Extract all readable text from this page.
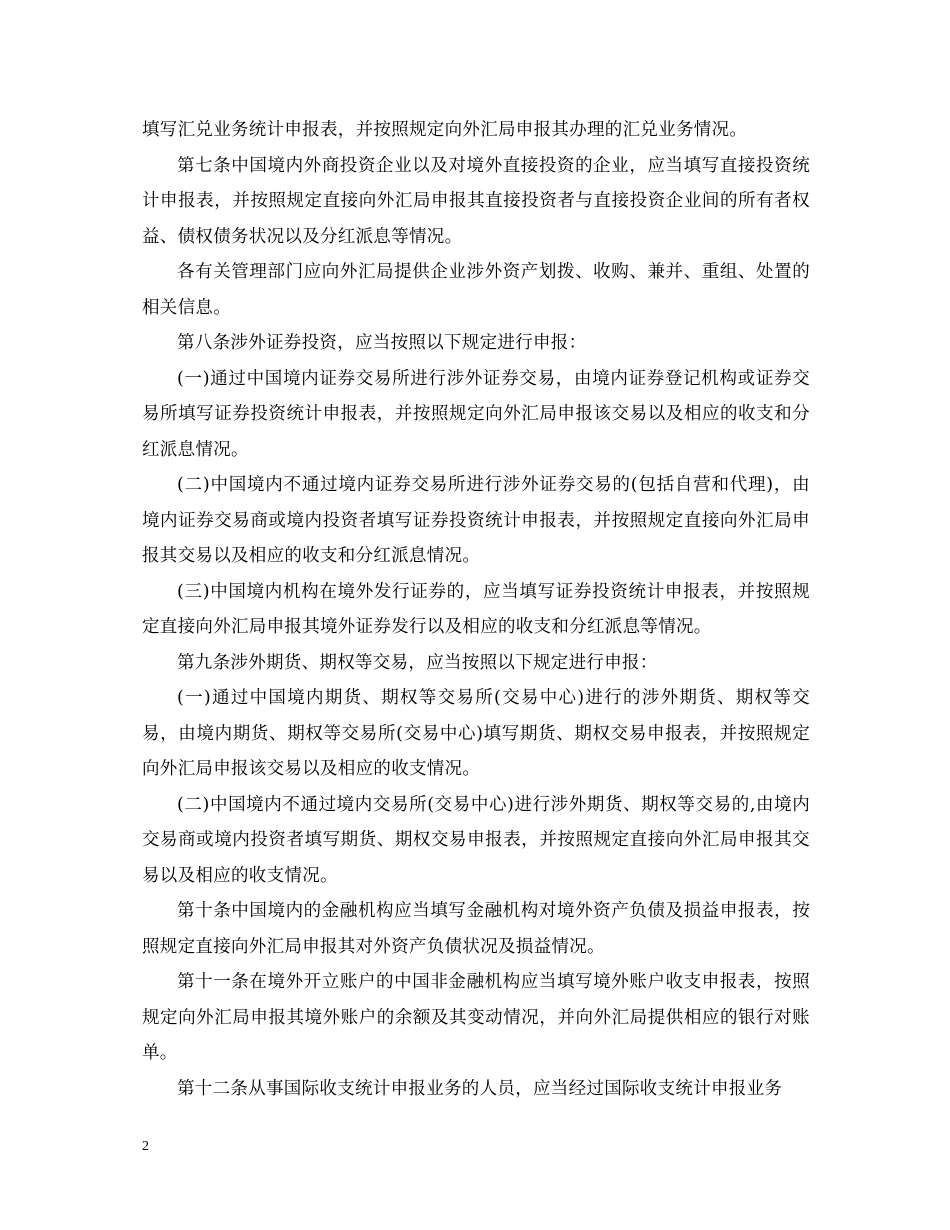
填写汇兑业务统计申报表，并按照规定向外汇局申报其办理的汇兑业务情况。

第七条中国境内外商投资企业以及对境外直接投资的企业，应当填写直接投资统计申报表，并按照规定直接向外汇局申报其直接投资者与直接投资企业间的所有者权益、债权债务状况以及分红派息等情况。

各有关管理部门应向外汇局提供企业涉外资产划拨、收购、兼并、重组、处置的相关信息。

第八条涉外证券投资，应当按照以下规定进行申报：

(一)通过中国境内证券交易所进行涉外证券交易，由境内证券登记机构或证券交易所填写证券投资统计申报表，并按照规定向外汇局申报该交易以及相应的收支和分红派息情况。

(二)中国境内不通过境内证券交易所进行涉外证券交易的(包括自营和代理)，由境内证券交易商或境内投资者填写证券投资统计申报表，并按照规定直接向外汇局申报其交易以及相应的收支和分红派息情况。

(三)中国境内机构在境外发行证券的，应当填写证券投资统计申报表，并按照规定直接向外汇局申报其境外证券发行以及相应的收支和分红派息等情况。

第九条涉外期货、期权等交易，应当按照以下规定进行申报：

(一)通过中国境内期货、期权等交易所(交易中心)进行的涉外期货、期权等交易，由境内期货、期权等交易所(交易中心)填写期货、期权交易申报表，并按照规定向外汇局申报该交易以及相应的收支情况。

(二)中国境内不通过境内交易所(交易中心)进行涉外期货、期权等交易的,由境内交易商或境内投资者填写期货、期权交易申报表，并按照规定直接向外汇局申报其交易以及相应的收支情况。

第十条中国境内的金融机构应当填写金融机构对境外资产负债及损益申报表，按照规定直接向外汇局申报其对外资产负债状况及损益情况。

第十一条在境外开立账户的中国非金融机构应当填写境外账户收支申报表，按照规定向外汇局申报其境外账户的余额及其变动情况，并向外汇局提供相应的银行对账单。

第十二条从事国际收支统计申报业务的人员，应当经过国际收支统计申报业务

2
